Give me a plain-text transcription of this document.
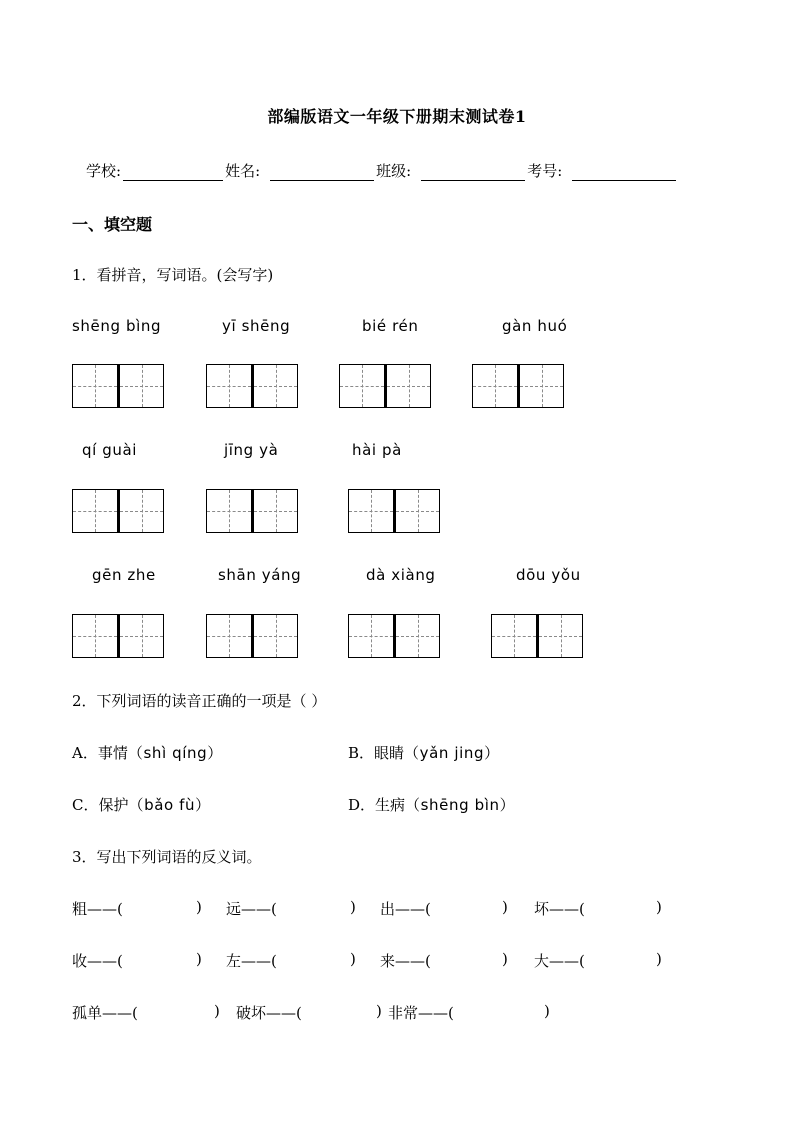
部编版语文一年级下册期末测试卷1
学校:	姓名:	班级:	考号:
一、填空题
1．看拼音，写词语。(会写字)
shēng bìng	yī shēng	bié rén	gàn huó
qí guài	jīng yà	hài pà
gēn zhe	shān yáng	dà xiàng	dōu yǒu
2．下列词语的读音正确的一项是（ ）
A．事情（shì qíng）	B．眼睛（yǎn jing）
C．保护（bǎo fù）	D．生病（shēng bìn）
3．写出下列词语的反义词。
粗——(	) 远——(	) 出——(	) 坏——(	)
收——(	) 左——(	) 来——(	) 大——(	)
孤单——(	) 破坏——(	) 非常——(	)
